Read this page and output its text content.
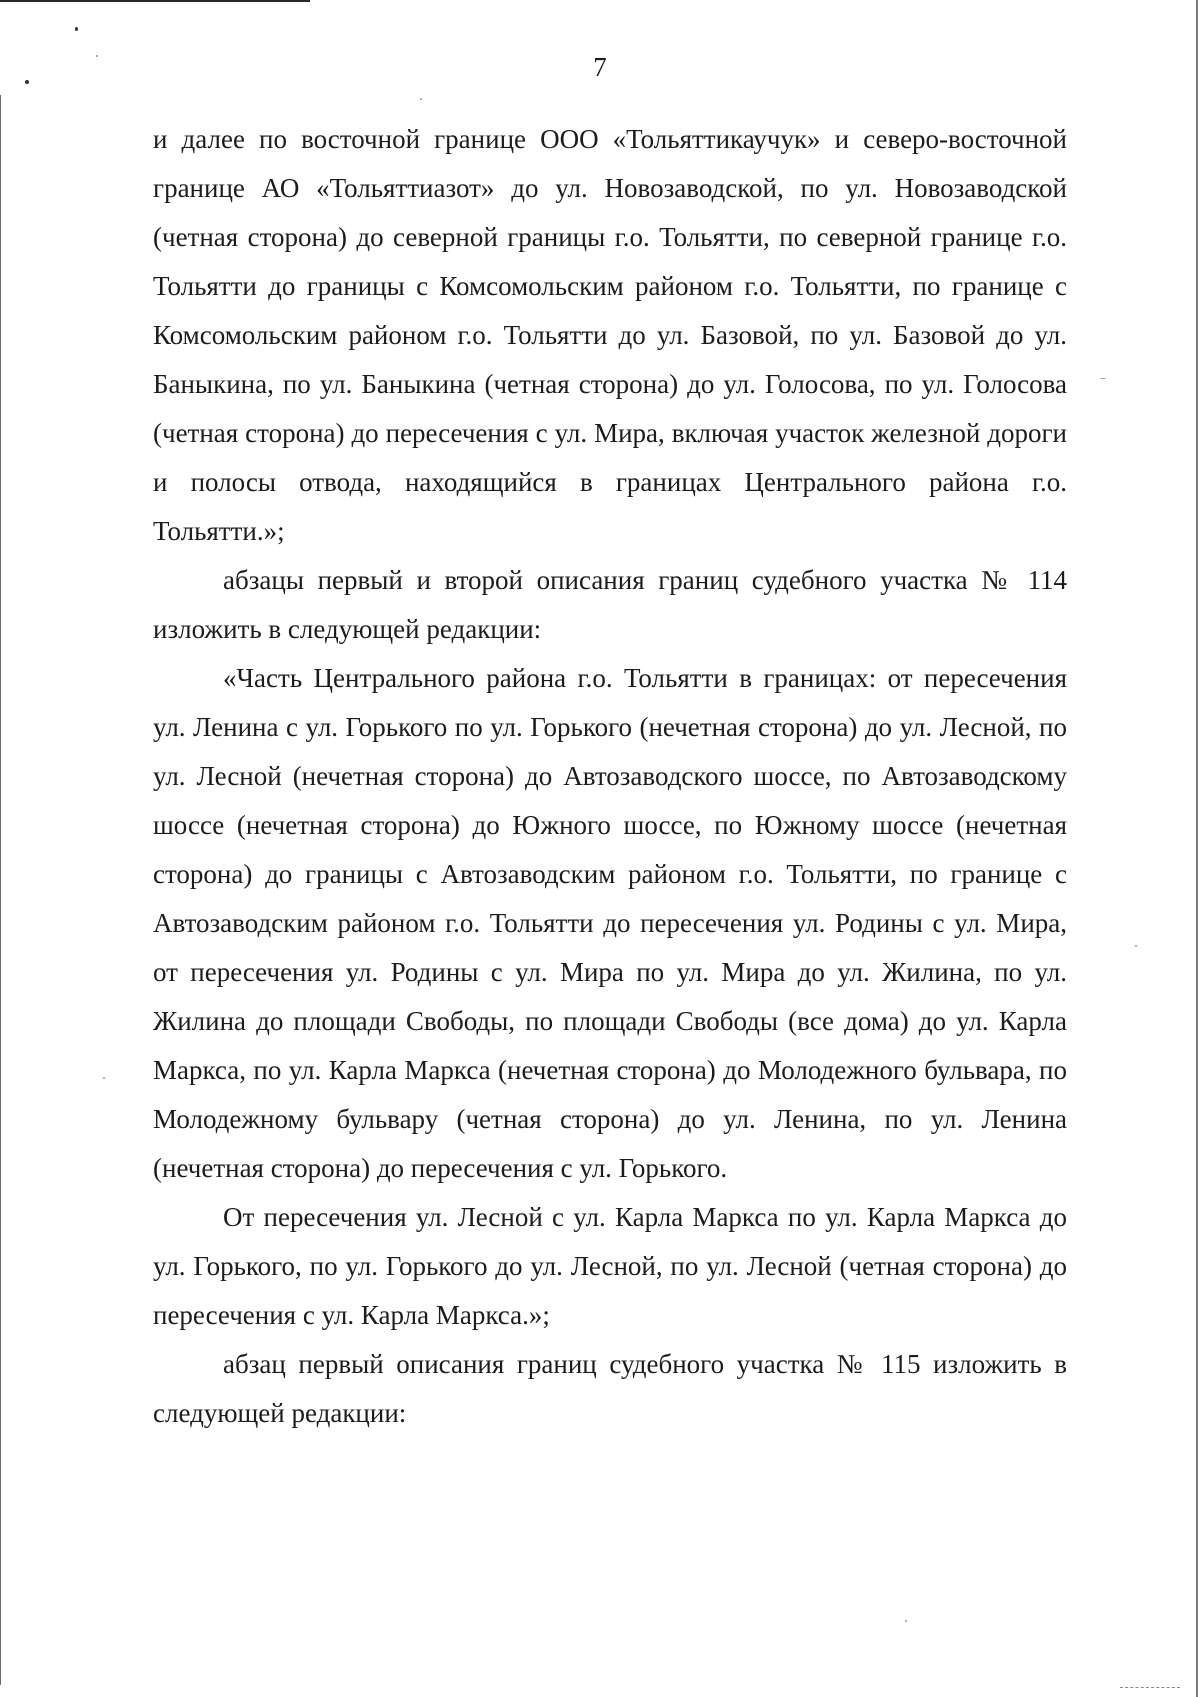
7

и далее по восточной границе ООО «Тольяттикаучук» и северо-восточной границе АО «Тольяттиазот» до ул. Новозаводской, по ул. Новозаводской (четная сторона) до северной границы г.о. Тольятти, по северной границе г.о. Тольятти до границы с Комсомольским районом г.о. Тольятти, по границе с Комсомольским районом г.о. Тольятти до ул. Базовой, по ул. Базовой до ул. Баныкина, по ул. Баныкина (четная сторона) до ул. Голосова, по ул. Голосова (четная сторона) до пересечения с ул. Мира, включая участок железной дороги и полосы отвода, находящийся в границах Центрального района г.о. Тольятти.»;

абзацы первый и второй описания границ судебного участка № 114 изложить в следующей редакции:

«Часть Центрального района г.о. Тольятти в границах: от пересечения ул. Ленина с ул. Горького по ул. Горького (нечетная сторона) до ул. Лесной, по ул. Лесной (нечетная сторона) до Автозаводского шоссе, по Автозаводскому шоссе (нечетная сторона) до Южного шоссе, по Южному шоссе (нечетная сторона) до границы с Автозаводским районом г.о. Тольятти, по границе с Автозаводским районом г.о. Тольятти до пересечения ул. Родины с ул. Мира, от пересечения ул. Родины с ул. Мира по ул. Мира до ул. Жилина, по ул. Жилина до площади Свободы, по площади Свободы (все дома) до ул. Карла Маркса, по ул. Карла Маркса (нечетная сторона) до Молодежного бульвара, по Молодежному бульвару (четная сторона) до ул. Ленина, по ул. Ленина (нечетная сторона) до пересечения с ул. Горького.

От пересечения ул. Лесной с ул. Карла Маркса по ул. Карла Маркса до ул. Горького, по ул. Горького до ул. Лесной, по ул. Лесной (четная сторона) до пересечения с ул. Карла Маркса.»;

абзац первый описания границ судебного участка № 115 изложить в следующей редакции:
